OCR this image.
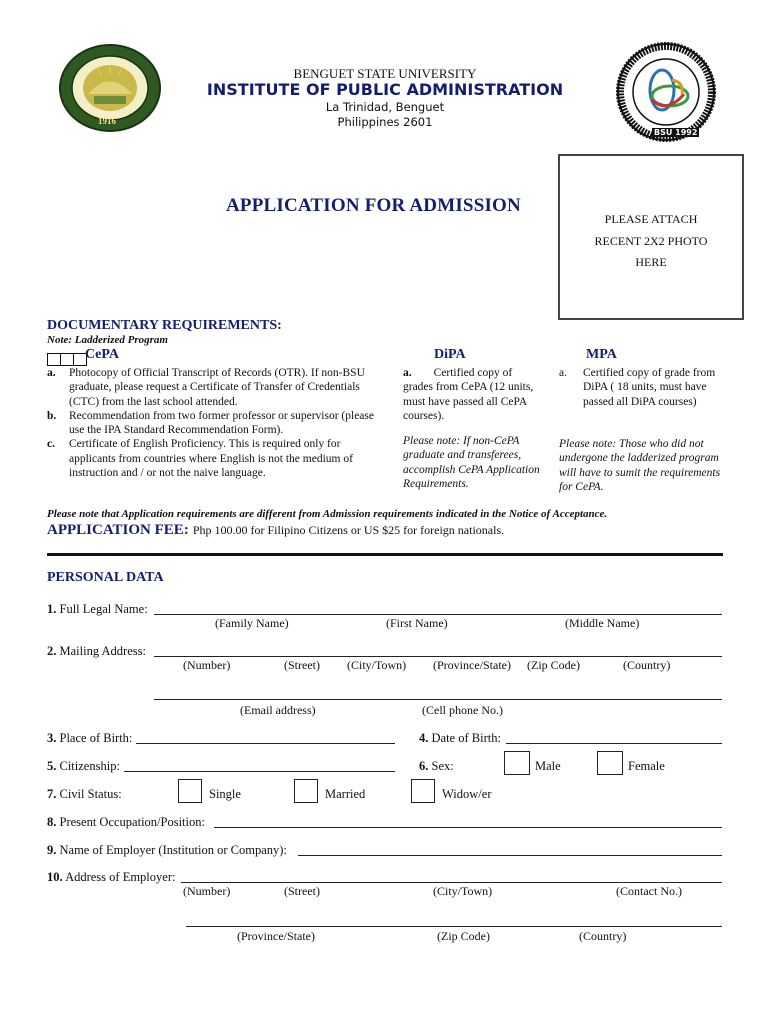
1916
BSU 1992
BENGUET STATE UNIVERSITY
INSTITUTE OF PUBLIC ADMINISTRATION
La Trinidad, Benguet
Philippines 2601
APPLICATION FOR ADMISSION
PLEASE ATTACH
RECENT 2X2 PHOTO
HERE
DOCUMENTARY REQUIREMENTS:
Note: Ladderized Program
CePA
a. Photocopy of Official Transcript of Records (OTR). If non-BSU graduate, please request a Certificate of Transfer of Credentials (CTC) from the last school attended.
b. Recommendation from two former professor or supervisor (please use the IPA Standard Recommendation Form).
c. Certificate of English Proficiency. This is required only for applicants from countries where English is not the medium of instruction and / or not the naive language.
DiPA
a. Certified copy of grades from CePA (12 units, must have passed all CePA courses).
Please note: If non-CePA graduate and transferees, accomplish CePA Application Requirements.
MPA
a.	Certified copy of grade from DiPA ( 18 units, must have passed all DiPA courses)
Please note: Those who did not undergone the ladderized program will have to sumit the requirements for CePA.
Please note that Application requirements are different from Admission requirements indicated in the Notice of Acceptance.
APPLICATION FEE: Php 100.00 for Filipino Citizens or US $25 for foreign nationals.
PERSONAL DATA
1. Full Legal Name:
(Family Name)	(First Name)	(Middle Name)
2. Mailing Address:
(Number)	(Street) (City/Town) (Province/State) (Zip Code)	(Country)
(Email address)	(Cell phone No.)
3. Place of Birth:	4. Date of Birth:
5. Citizenship:	6. Sex:	Male	Female
7. Civil Status:	Single	Married	Widow/er
8. Present Occupation/Position:
9. Name of Employer (Institution or Company):
10. Address of Employer:
(Number)	(Street)	(City/Town)	(Contact No.)
(Province/State)	(Zip Code)	(Country)
